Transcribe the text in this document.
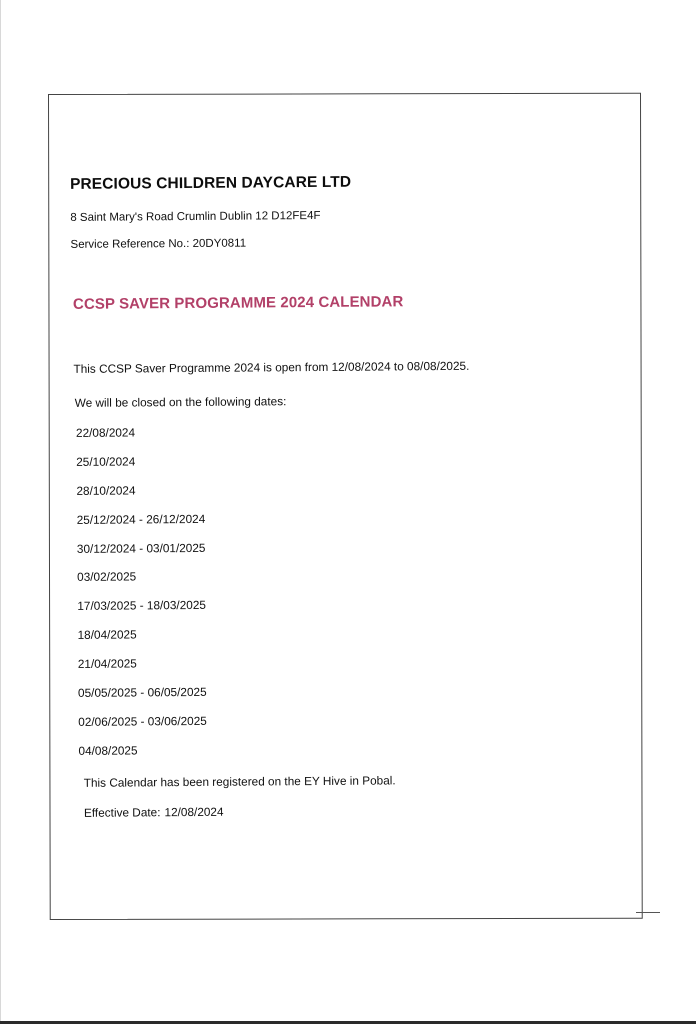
PRECIOUS CHILDREN DAYCARE LTD
8 Saint Mary's Road Crumlin Dublin 12 D12FE4F
Service Reference No.: 20DY0811
CCSP SAVER PROGRAMME 2024 CALENDAR
This CCSP Saver Programme 2024 is open from 12/08/2024 to 08/08/2025.
We will be closed on the following dates:
22/08/2024
25/10/2024
28/10/2024
25/12/2024 - 26/12/2024
30/12/2024 - 03/01/2025
03/02/2025
17/03/2025 - 18/03/2025
18/04/2025
21/04/2025
05/05/2025 - 06/05/2025
02/06/2025 - 03/06/2025
04/08/2025
This Calendar has been registered on the EY Hive in Pobal.
Effective Date: 12/08/2024
